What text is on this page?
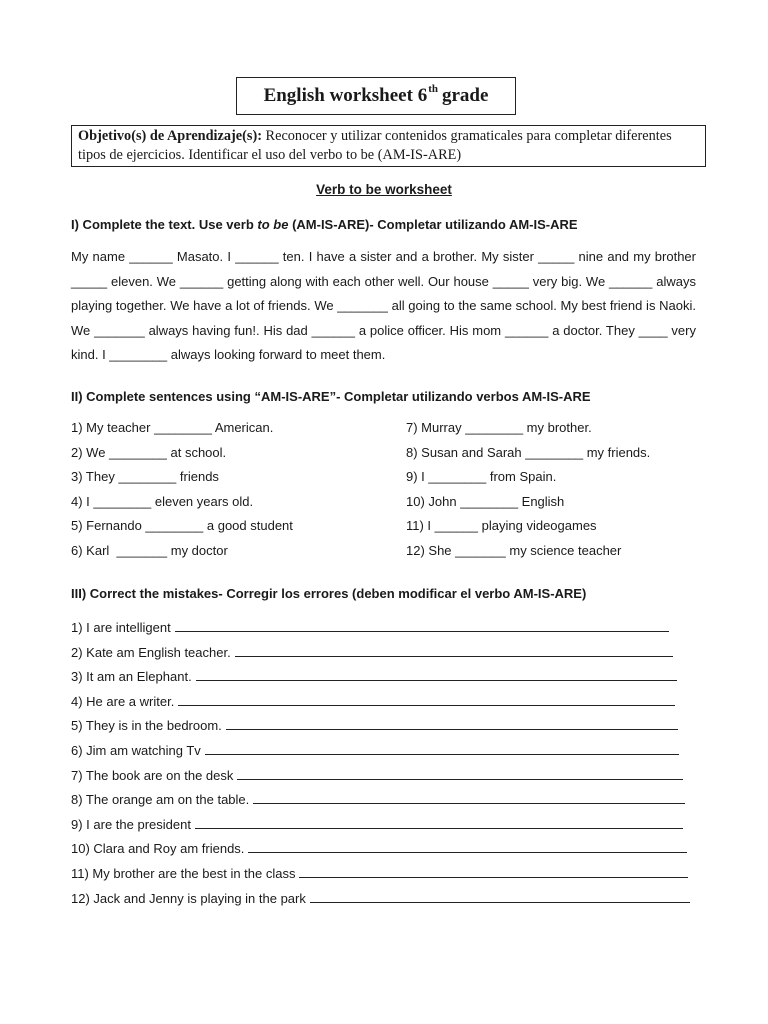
English worksheet 6th grade
Objetivo(s) de Aprendizaje(s): Reconocer y utilizar contenidos gramaticales para completar diferentes tipos de ejercicios. Identificar el uso del verbo to be (AM-IS-ARE)
Verb to be worksheet
I) Complete the text. Use verb to be (AM-IS-ARE)- Completar utilizando AM-IS-ARE
My name ______ Masato. I ______ ten. I have a sister and a brother. My sister _____ nine and my brother _____ eleven. We ______ getting along with each other well. Our house _____ very big. We ______ always playing together. We have a lot of friends. We _______ all going to the same school. My best friend is Naoki. We _______ always having fun!. His dad ______ a police officer. His mom ______ a doctor. They ____ very kind. I ________ always looking forward to meet them.
II) Complete sentences using “AM-IS-ARE”- Completar utilizando verbos AM-IS-ARE
1) My teacher ________ American.
2) We ________ at school.
3) They ________ friends
4) I ________ eleven years old.
5) Fernando ________ a good student
6) Karl  _______ my doctor
7) Murray ________ my brother.
8) Susan and Sarah ________ my friends.
9) I ________ from Spain.
10) John ________ English
11) I ______ playing videogames
12) She _______ my science teacher
III) Correct the mistakes- Corregir los errores (deben modificar el verbo AM-IS-ARE)
1) I are intelligent
2) Kate am English teacher.
3) It am an Elephant.
4) He are a writer.
5) They is in the bedroom.
6) Jim am watching Tv
7) The book are on the desk
8) The orange am on the table.
9) I are the president
10) Clara and Roy am friends.
11) My brother are the best in the class
12) Jack and Jenny is playing in the park
